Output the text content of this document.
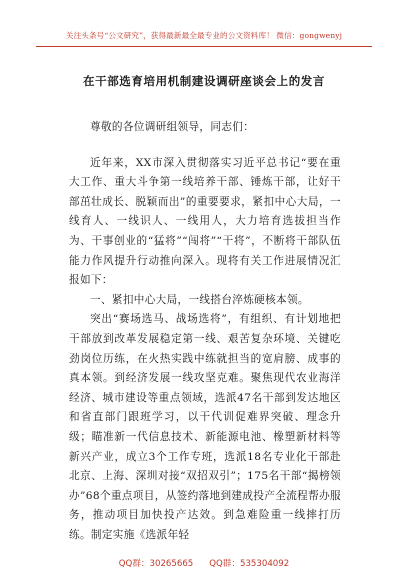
关注头条号“公文研究”，获得最新最全最专业的公文资料库！ 微信：gongwenyj
在干部选育培用机制建设调研座谈会上的发言

尊敬的各位调研组领导，同志们：

近年来，XX市深入贯彻落实习近平总书记“要在重大工作、重大斗争第一线培养干部、锤炼干部，让好干部茁壮成长、脱颖而出”的重要要求，紧扣中心大局，一线育人、一线识人、一线用人，大力培育选拔担当作为、干事创业的“猛将”“闯将”“干将”，不断将干部队伍能力作风提升行动推向深入。现将有关工作进展情况汇报如下：

一、紧扣中心大局，一线搭台淬炼硬核本领。

突出“赛场选马、战场选将”，有组织、有计划地把干部放到改革发展稳定第一线、艰苦复杂环境、关键吃劲岗位历练，在火热实践中练就担当的宽肩膀、成事的真本领。到经济发展一线攻坚克难。聚焦现代农业海洋经济、城市建设等重点领域，选派47名干部到发达地区和省直部门跟班学习，以干代训促难界突破、理念升级；瞄准新一代信息技术、新能源电池、橡塑新材料等新兴产业，成立3个工作专班，选派18名专业化干部赴北京、上海、深圳对接“双招双引”；175名干部“揭榜领办”68个重点项目，从签约落地到建成投产全流程帮办服务，推动项目加快投产达效。到急难险重一线摔打历练。制定实施《选派年轻

QQ群：30265665 QQ群：535304092
